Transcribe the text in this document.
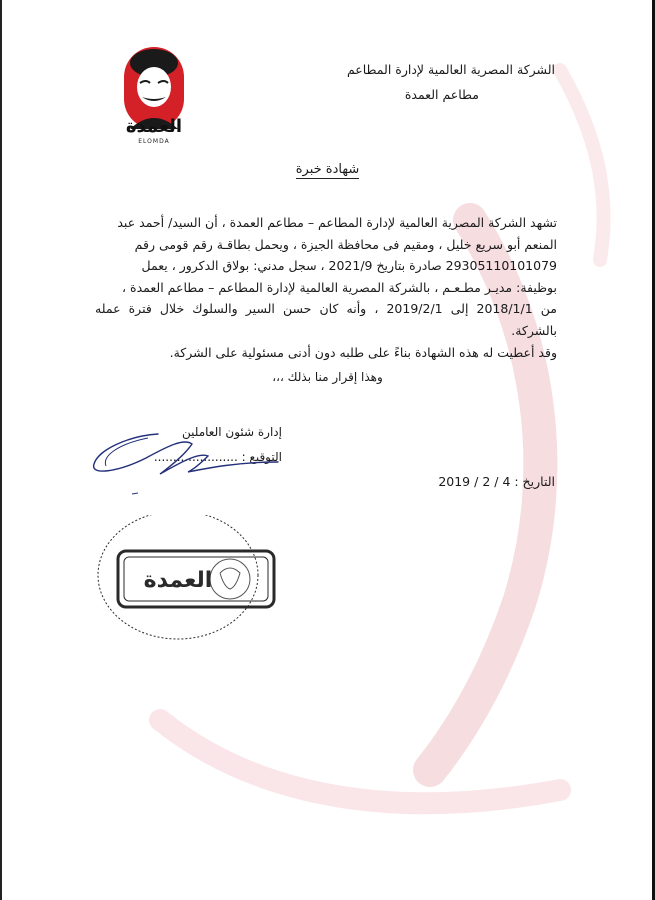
العمدة
ELOMDA
الشركة المصرية العالمية لإدارة المطاعم
مطاعم العمدة
شهادة خبرة

تشهد الشركة المصرية العالمية لإدارة المطاعم – مطاعم العمدة ، أن السيد/ أحمد عبد

المنعم أبو سريع خليل ، ومقيم فى محافظة الجيزة ، ويحمل بطاقـة رقم قومى رقم

29305110101079 صادرة بتاريخ 2021/9 ، سجل مدني: بولاق الدكرور ، يعمل

بوظيفة: مديـر مطـعـم ، بالشركة المصرية العالمية لإدارة المطاعم – مطاعم العمدة ،

من 2018/1/1 إلى 2019/2/1 ، وأنه كان حسن السير والسلوك خلال فترة عمله بالشركة.

وقد أعطيت له هذه الشهادة بناءً على طلبه دون أدنى مسئولية على الشركة.

وهذا إقرار منا بذلك ،،،
إدارة شئون العاملين
التوقيع : ......................
التاريخ : 4 / 2 / 2019
العمدة
